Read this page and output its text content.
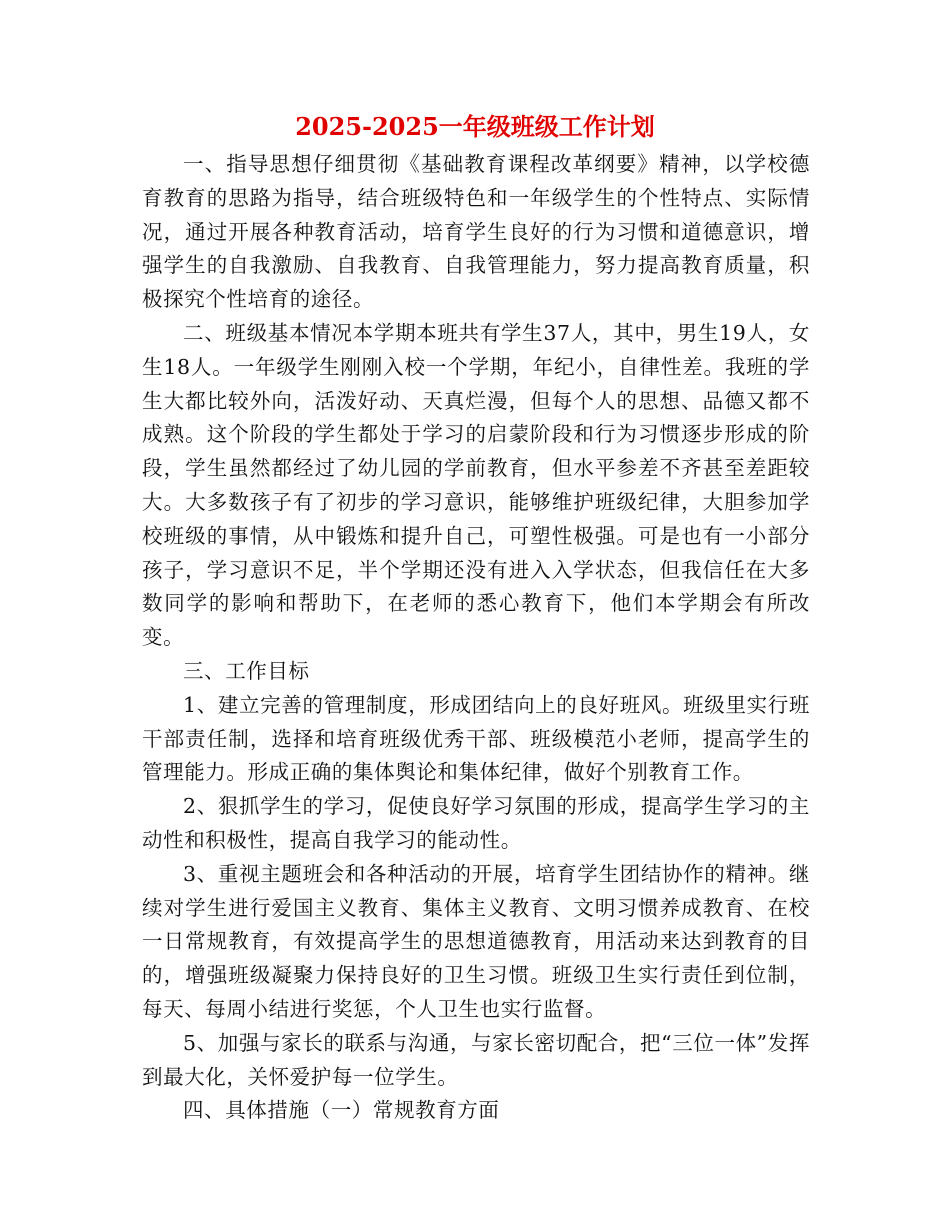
2025-2025一年级班级工作计划

一、指导思想仔细贯彻《基础教育课程改革纲要》精神，以学校德育教育的思路为指导，结合班级特色和一年级学生的个性特点、实际情况，通过开展各种教育活动，培育学生良好的行为习惯和道德意识，增强学生的自我激励、自我教育、自我管理能力，努力提高教育质量，积极探究个性培育的途径。

二、班级基本情况本学期本班共有学生37人，其中，男生19人，女生18人。一年级学生刚刚入校一个学期，年纪小，自律性差。我班的学生大都比较外向，活泼好动、天真烂漫，但每个人的思想、品德又都不成熟。这个阶段的学生都处于学习的启蒙阶段和行为习惯逐步形成的阶段，学生虽然都经过了幼儿园的学前教育，但水平参差不齐甚至差距较大。大多数孩子有了初步的学习意识，能够维护班级纪律，大胆参加学校班级的事情，从中锻炼和提升自己，可塑性极强。可是也有一小部分孩子，学习意识不足，半个学期还没有进入入学状态，但我信任在大多数同学的影响和帮助下，在老师的悉心教育下，他们本学期会有所改变。

三、工作目标

1、建立完善的管理制度，形成团结向上的良好班风。班级里实行班干部责任制，选择和培育班级优秀干部、班级模范小老师，提高学生的管理能力。形成正确的集体舆论和集体纪律，做好个别教育工作。

2、狠抓学生的学习，促使良好学习氛围的形成，提高学生学习的主动性和积极性，提高自我学习的能动性。

3、重视主题班会和各种活动的开展，培育学生团结协作的精神。继续对学生进行爱国主义教育、集体主义教育、文明习惯养成教育、在校一日常规教育，有效提高学生的思想道德教育，用活动来达到教育的目的，增强班级凝聚力保持良好的卫生习惯。班级卫生实行责任到位制，每天、每周小结进行奖惩，个人卫生也实行监督。

5、加强与家长的联系与沟通，与家长密切配合，把“三位一体”发挥到最大化，关怀爱护每一位学生。

四、具体措施（一）常规教育方面
